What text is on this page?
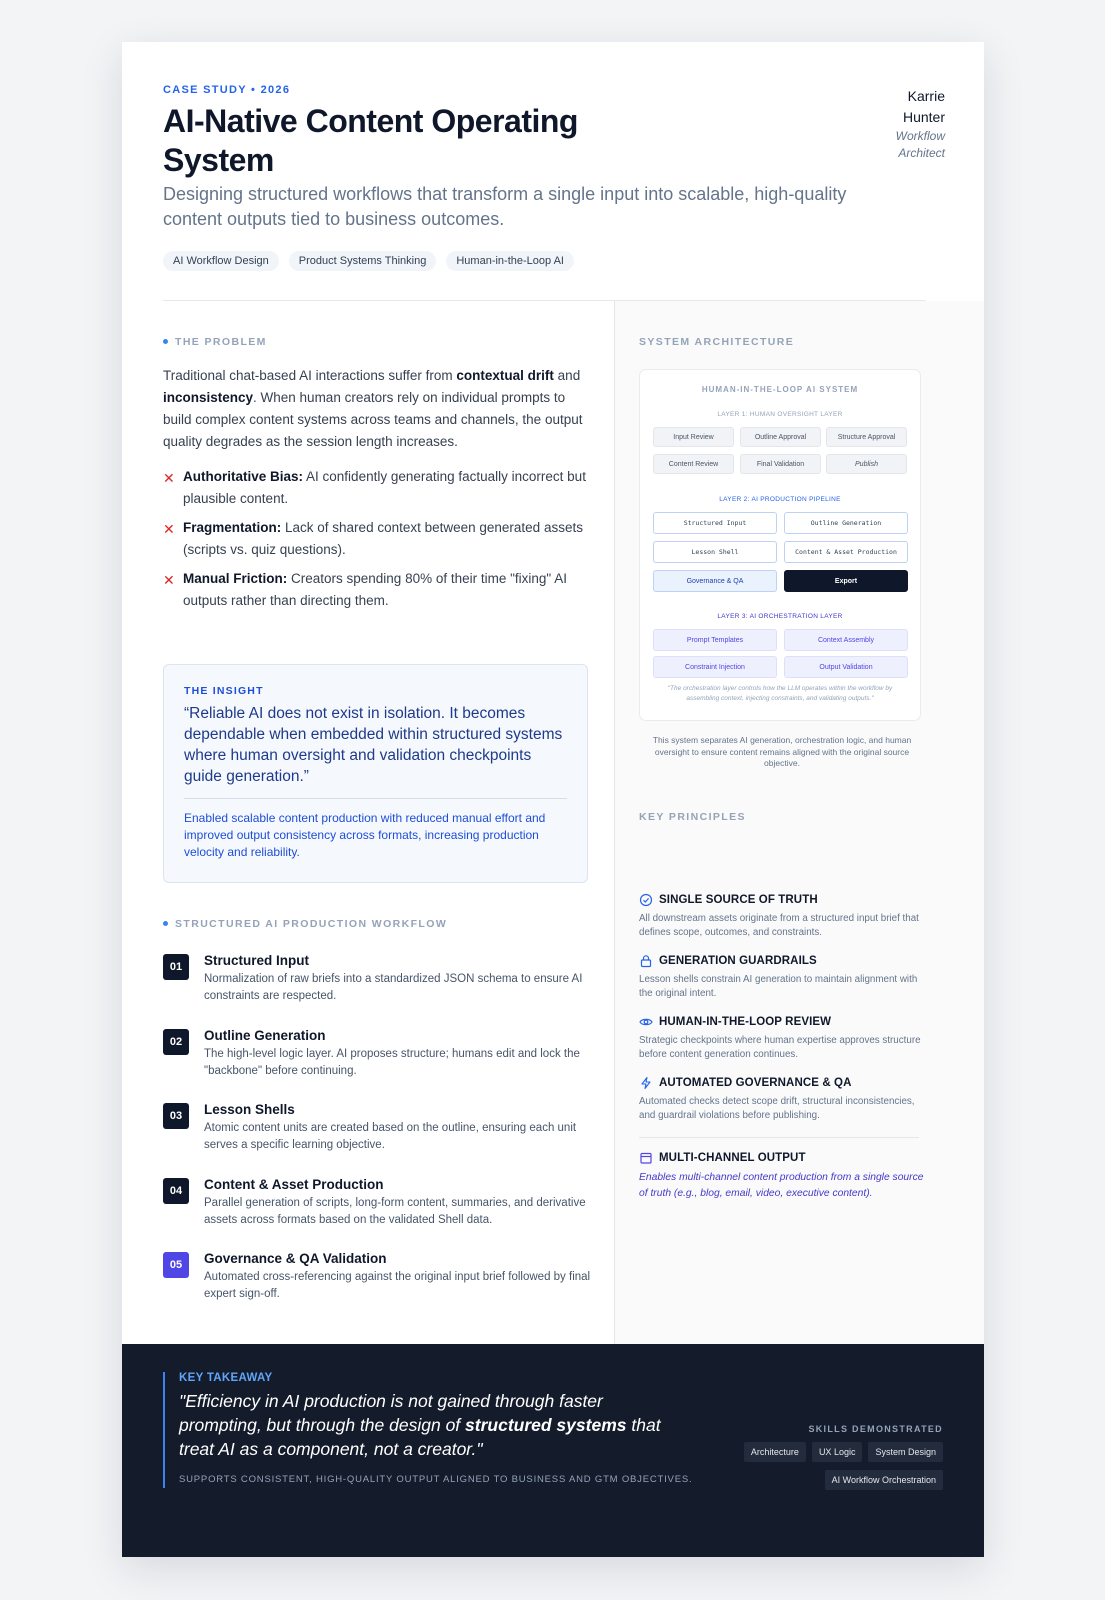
CASE STUDY • 2026
AI-Native Content Operating System

Designing structured workflows that transform a single input into scalable, high-quality content outputs tied to business outcomes.

AI Workflow Design	Product Systems Thinking	Human-in-the-Loop AI
Karrie
Hunter
Workflow
Architect
SYSTEM ARCHITECTURE
HUMAN-IN-THE-LOOP AI SYSTEM
LAYER 1: HUMAN OVERSIGHT LAYER
Input Review	Outline Approval	Structure Approval
Content Review	Final Validation	Publish
LAYER 2: AI PRODUCTION PIPELINE
Structured Input	Outline Generation
Lesson Shell	Content & Asset Production
Governance & QA	Export
LAYER 3: AI ORCHESTRATION LAYER
Prompt Templates	Context Assembly
Constraint Injection	Output Validation
"The orchestration layer controls how the LLM operates within the workflow by assembling context, injecting constraints, and validating outputs."
This system separates AI generation, orchestration logic, and human oversight to ensure content remains aligned with the original source objective.
KEY PRINCIPLES
SINGLE SOURCE OF TRUTH
All downstream assets originate from a structured input brief that defines scope, outcomes, and constraints.
GENERATION GUARDRAILS
Lesson shells constrain AI generation to maintain alignment with the original intent.
HUMAN-IN-THE-LOOP REVIEW
Strategic checkpoints where human expertise approves structure before content generation continues.
AUTOMATED GOVERNANCE & QA
Automated checks detect scope drift, structural inconsistencies, and guardrail violations before publishing.
MULTI-CHANNEL OUTPUT
Enables multi-channel content production from a single source of truth (e.g., blog, email, video, executive content).
THE PROBLEM

Traditional chat-based AI interactions suffer from contextual drift and inconsistency. When human creators rely on individual prompts to build complex content systems across teams and channels, the output quality degrades as the session length increases.

✕ Authoritative Bias: AI confidently generating factually incorrect but plausible content.
✕ Fragmentation: Lack of shared context between generated assets (scripts vs. quiz questions).
✕ Manual Friction: Creators spending 80% of their time "fixing" AI outputs rather than directing them.
THE INSIGHT
“Reliable AI does not exist in isolation. It becomes dependable when embedded within structured systems where human oversight and validation checkpoints guide generation.”
Enabled scalable content production with reduced manual effort and improved output consistency across formats, increasing production velocity and reliability.
STRUCTURED AI PRODUCTION WORKFLOW
01	Structured Input
Normalization of raw briefs into a standardized JSON schema to ensure AI constraints are respected.
02	Outline Generation
The high-level logic layer. AI proposes structure; humans edit and lock the "backbone" before continuing.
03	Lesson Shells
Atomic content units are created based on the outline, ensuring each unit serves a specific learning objective.
04	Content & Asset Production
Parallel generation of scripts, long-form content, summaries, and derivative assets across formats based on the validated Shell data.
05	Governance & QA Validation
Automated cross-referencing against the original input brief followed by final expert sign-off.
KEY TAKEAWAY
"Efficiency in AI production is not gained through faster prompting, but through the design of structured systems that treat AI as a component, not a creator."
SUPPORTS CONSISTENT, HIGH-QUALITY OUTPUT ALIGNED TO BUSINESS AND GTM OBJECTIVES.
SKILLS DEMONSTRATED
Architecture	UX Logic	System Design
AI Workflow Orchestration
